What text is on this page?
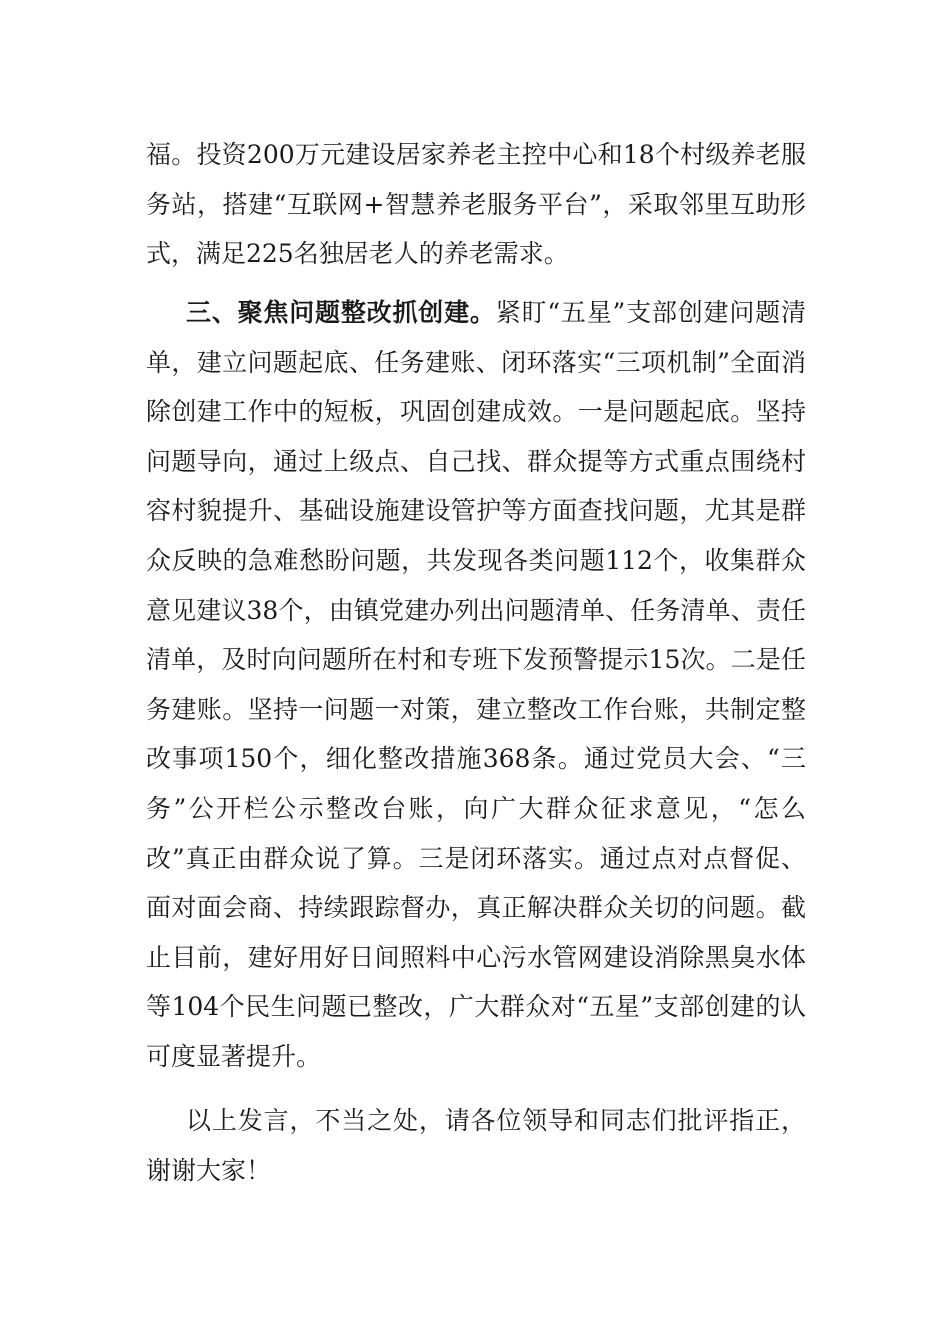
福。投资200万元建设居家养老主控中心和18个村级养老服务站，搭建“互联网+智慧养老服务平台”，采取邻里互助形式，满足225名独居老人的养老需求。

三、聚焦问题整改抓创建。紧盯“五星”支部创建问题清单，建立问题起底、任务建账、闭环落实“三项机制”全面消除创建工作中的短板，巩固创建成效。一是问题起底。坚持问题导向，通过上级点、自己找、群众提等方式重点围绕村容村貌提升、基础设施建设管护等方面查找问题，尤其是群众反映的急难愁盼问题，共发现各类问题112个，收集群众意见建议38个，由镇党建办列出问题清单、任务清单、责任清单，及时向问题所在村和专班下发预警提示15次。二是任务建账。坚持一问题一对策，建立整改工作台账，共制定整改事项150个，细化整改措施368条。通过党员大会、“三务”公开栏公示整改台账，向广大群众征求意见，“怎么改”真正由群众说了算。三是闭环落实。通过点对点督促、面对面会商、持续跟踪督办，真正解决群众关切的问题。截止目前，建好用好日间照料中心污水管网建设消除黑臭水体等104个民生问题已整改，广大群众对“五星”支部创建的认可度显著提升。

以上发言，不当之处，请各位领导和同志们批评指正，谢谢大家！
